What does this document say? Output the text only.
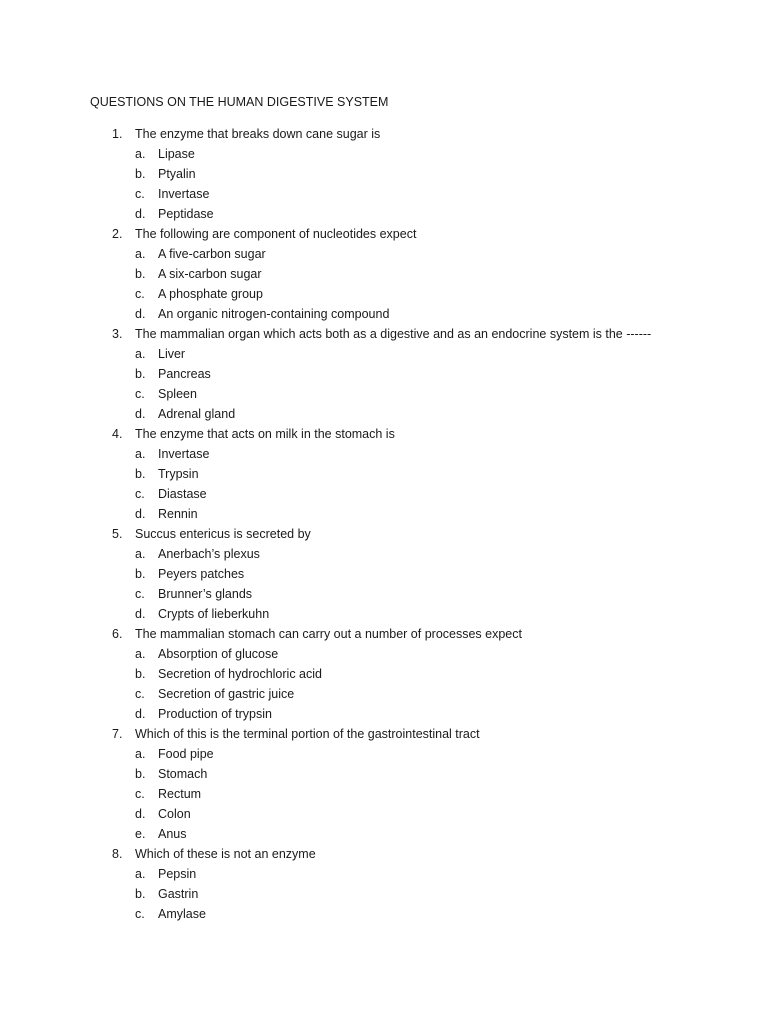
QUESTIONS ON THE HUMAN DIGESTIVE SYSTEM
1. The enzyme that breaks down cane sugar is
a. Lipase
b. Ptyalin
c. Invertase
d. Peptidase
2. The following are component of nucleotides expect
a. A five-carbon sugar
b. A six-carbon sugar
c. A phosphate group
d. An organic nitrogen-containing compound
3. The mammalian organ which acts both as a digestive and as an endocrine system is the ------
a. Liver
b. Pancreas
c. Spleen
d. Adrenal gland
4. The enzyme that acts on milk in the stomach is
a. Invertase
b. Trypsin
c. Diastase
d. Rennin
5. Succus entericus is secreted by
a. Anerbach’s plexus
b. Peyers patches
c. Brunner’s glands
d. Crypts of lieberkuhn
6. The mammalian stomach can carry out a number of processes expect
a. Absorption of glucose
b. Secretion of hydrochloric acid
c. Secretion of gastric juice
d. Production of trypsin
7. Which of this is the terminal portion of the gastrointestinal tract
a. Food pipe
b. Stomach
c. Rectum
d. Colon
e. Anus
8. Which of these is not an enzyme
a. Pepsin
b. Gastrin
c. Amylase
